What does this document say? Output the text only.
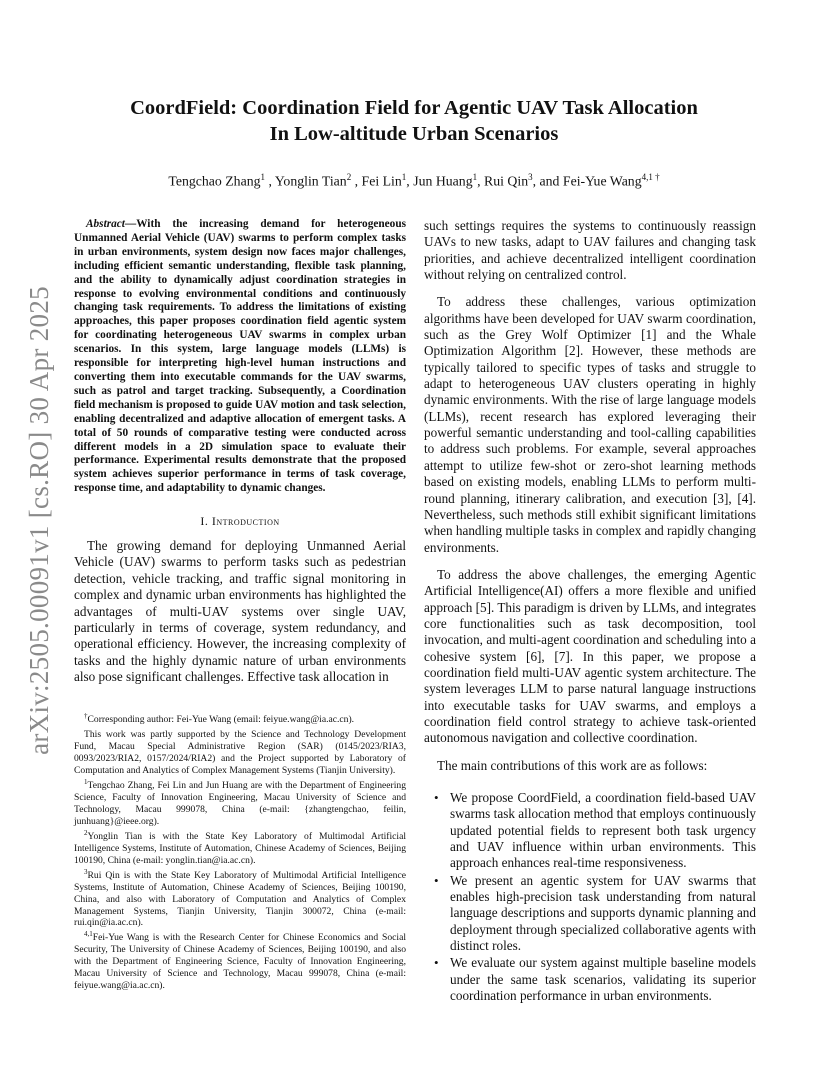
arXiv:2505.00091v1 [cs.RO] 30 Apr 2025
CoordField: Coordination Field for Agentic UAV Task Allocation
In Low-altitude Urban Scenarios
Tengchao Zhang$^1$ , Yonglin Tian$^2$ , Fei Lin$^1$, Jun Huang$^1$, Rui Qin$^3$, and Fei-Yue Wang$^{4,1 \dagger}$

Abstract—With the increasing demand for heterogeneous Unmanned Aerial Vehicle (UAV) swarms to perform complex tasks in urban environments, system design now faces major challenges, including efficient semantic understanding, flexible task planning, and the ability to dynamically adjust coordination strategies in response to evolving environmental conditions and continuously changing task requirements. To address the limitations of existing approaches, this paper proposes coordination field agentic system for coordinating heterogeneous UAV swarms in complex urban scenarios. In this system, large language models (LLMs) is responsible for interpreting high-level human instructions and converting them into executable commands for the UAV swarms, such as patrol and target tracking. Subsequently, a Coordination field mechanism is proposed to guide UAV motion and task selection, enabling decentralized and adaptive allocation of emergent tasks. A total of 50 rounds of comparative testing were conducted across different models in a 2D simulation space to evaluate their performance. Experimental results demonstrate that the proposed system achieves superior performance in terms of task coverage, response time, and adaptability to dynamic changes.

I. Introduction

The growing demand for deploying Unmanned Aerial Vehicle (UAV) swarms to perform tasks such as pedestrian detection, vehicle tracking, and traffic signal monitoring in complex and dynamic urban environments has highlighted the advantages of multi-UAV systems over single UAV, particularly in terms of coverage, system redundancy, and operational efficiency. However, the increasing complexity of tasks and the highly dynamic nature of urban environments also pose significant challenges. Effective task allocation in

†Corresponding author: Fei-Yue Wang (email: feiyue.wang@ia.ac.cn).

This work was partly supported by the Science and Technology Development Fund, Macau Special Administrative Region (SAR) (0145/2023/RIA3, 0093/2023/RIA2, 0157/2024/RIA2) and the Project supported by Laboratory of Computation and Analytics of Complex Management Systems (Tianjin University).

$^1$Tengchao Zhang, Fei Lin and Jun Huang are with the Department of Engineering Science, Faculty of Innovation Engineering, Macau University of Science and Technology, Macau 999078, China (e-mail: {zhangtengchao, feilin, junhuang}@ieee.org).

$^2$Yonglin Tian is with the State Key Laboratory of Multimodal Artificial Intelligence Systems, Institute of Automation, Chinese Academy of Sciences, Beijing 100190, China (e-mail: yonglin.tian@ia.ac.cn).

$^3$Rui Qin is with the State Key Laboratory of Multimodal Artificial Intelligence Systems, Institute of Automation, Chinese Academy of Sciences, Beijing 100190, China, and also with Laboratory of Computation and Analytics of Complex Management Systems, Tianjin University, Tianjin 300072, China (e-mail: rui.qin@ia.ac.cn).

$^{4,1}$Fei-Yue Wang is with the Research Center for Chinese Economics and Social Security, The University of Chinese Academy of Sciences, Beijing 100190, and also with the Department of Engineering Science, Faculty of Innovation Engineering, Macau University of Science and Technology, Macau 999078, China (e-mail: feiyue.wang@ia.ac.cn).

such settings requires the systems to continuously reassign UAVs to new tasks, adapt to UAV failures and changing task priorities, and achieve decentralized intelligent coordination without relying on centralized control.

To address these challenges, various optimization algorithms have been developed for UAV swarm coordination, such as the Grey Wolf Optimizer [1] and the Whale Optimization Algorithm [2]. However, these methods are typically tailored to specific types of tasks and struggle to adapt to heterogeneous UAV clusters operating in highly dynamic environments. With the rise of large language models (LLMs), recent research has explored leveraging their powerful semantic understanding and tool-calling capabilities to address such problems. For example, several approaches attempt to utilize few-shot or zero-shot learning methods based on existing models, enabling LLMs to perform multi-round planning, itinerary calibration, and execution [3], [4]. Nevertheless, such methods still exhibit significant limitations when handling multiple tasks in complex and rapidly changing environments.

To address the above challenges, the emerging Agentic Artificial Intelligence(AI) offers a more flexible and unified approach [5]. This paradigm is driven by LLMs, and integrates core functionalities such as task decomposition, tool invocation, and multi-agent coordination and scheduling into a cohesive system [6], [7]. In this paper, we propose a coordination field multi-UAV agentic system architecture. The system leverages LLM to parse natural language instructions into executable tasks for UAV swarms, and employs a coordination field control strategy to achieve task-oriented autonomous navigation and collective coordination.

The main contributions of this work are as follows:

• We propose CoordField, a coordination field-based UAV swarms task allocation method that employs continuously updated potential fields to represent both task urgency and UAV influence within urban environments. This approach enhances real-time responsiveness.
• We present an agentic system for UAV swarms that enables high-precision task understanding from natural language descriptions and supports dynamic planning and deployment through specialized collaborative agents with distinct roles.
• We evaluate our system against multiple baseline models under the same task scenarios, validating its superior coordination performance in urban environments.
